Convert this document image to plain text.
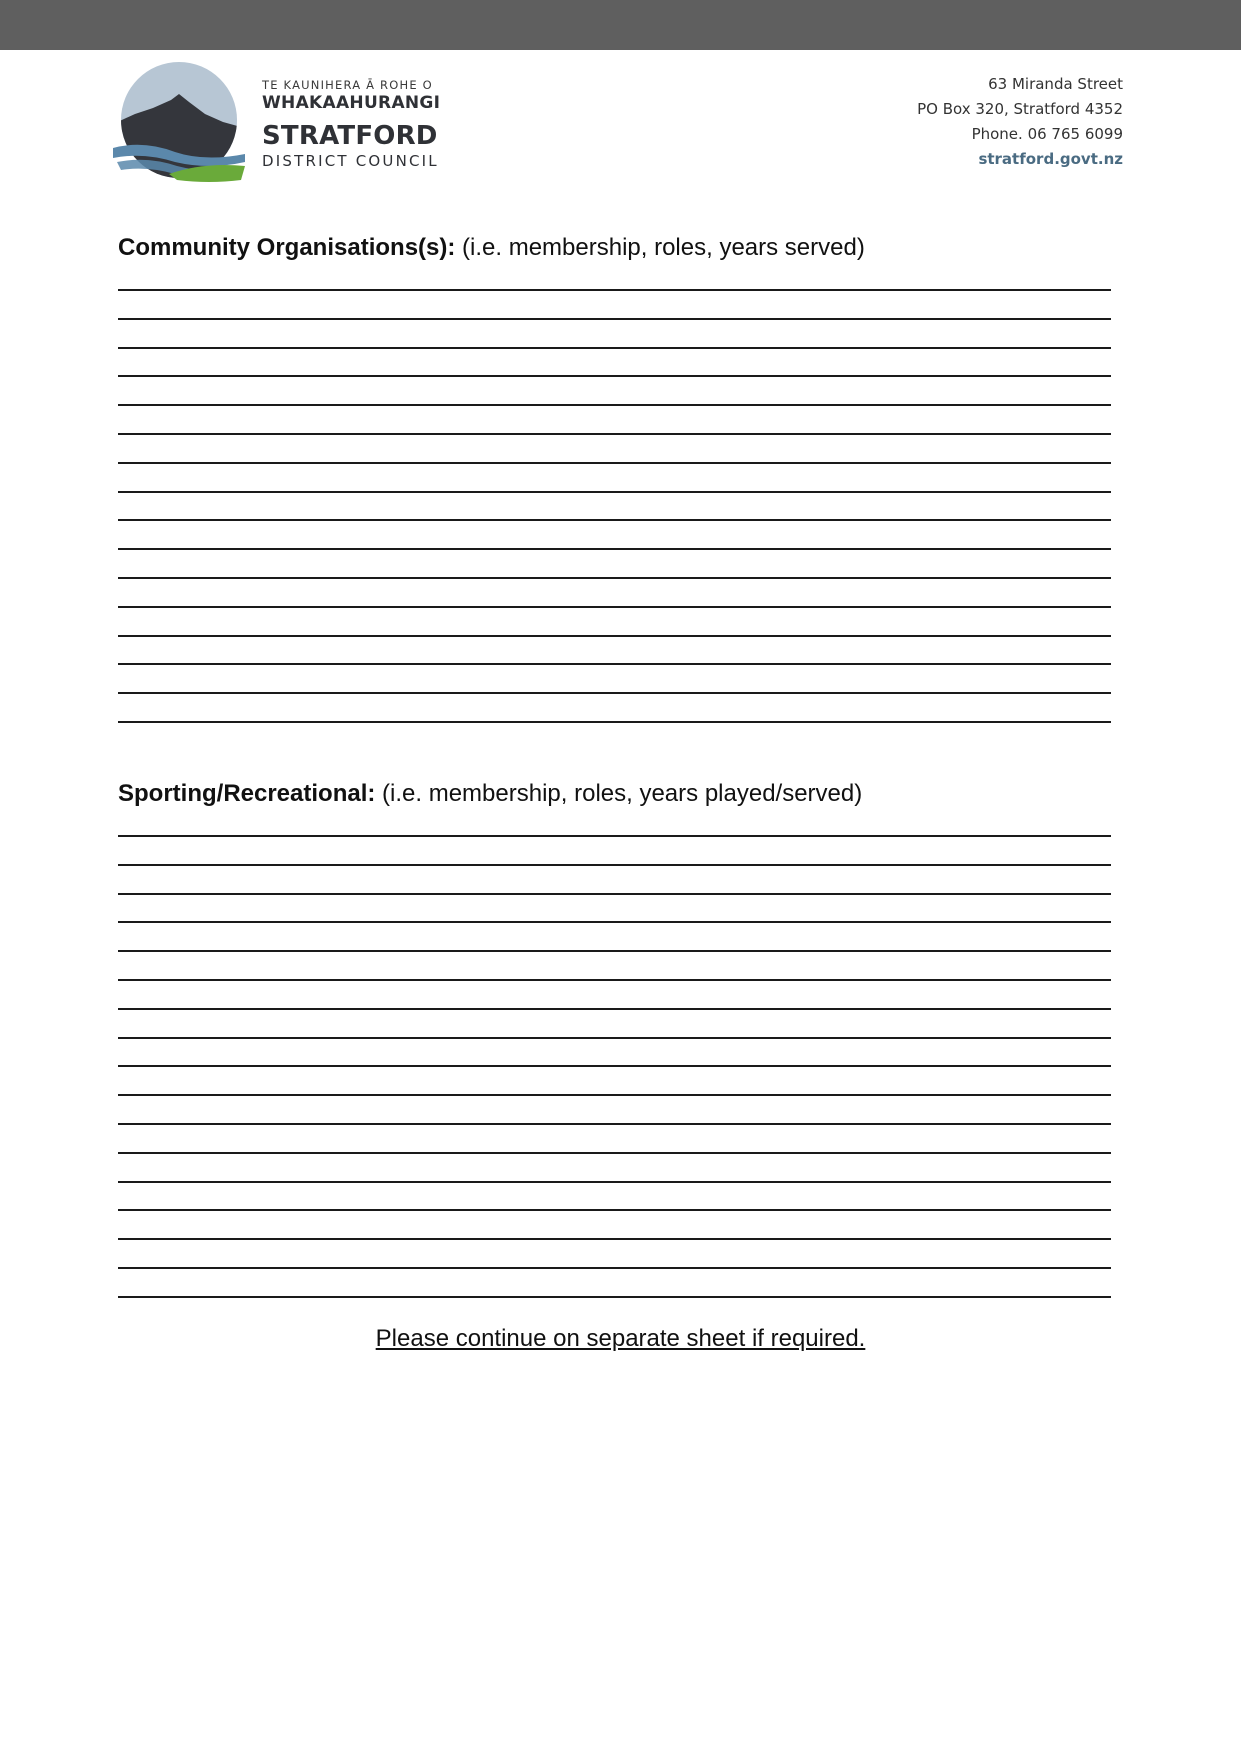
TE KAUNIHERA Ā ROHE O
WHAKAAHURANGI
STRATFORD
DISTRICT COUNCIL
63 Miranda Street
PO Box 320, Stratford 4352
Phone. 06 765 6099
stratford.govt.nz
Community Organisations(s): (i.e. membership, roles, years served)
Sporting/Recreational: (i.e. membership, roles, years played/served)
Please continue on separate sheet if required.
